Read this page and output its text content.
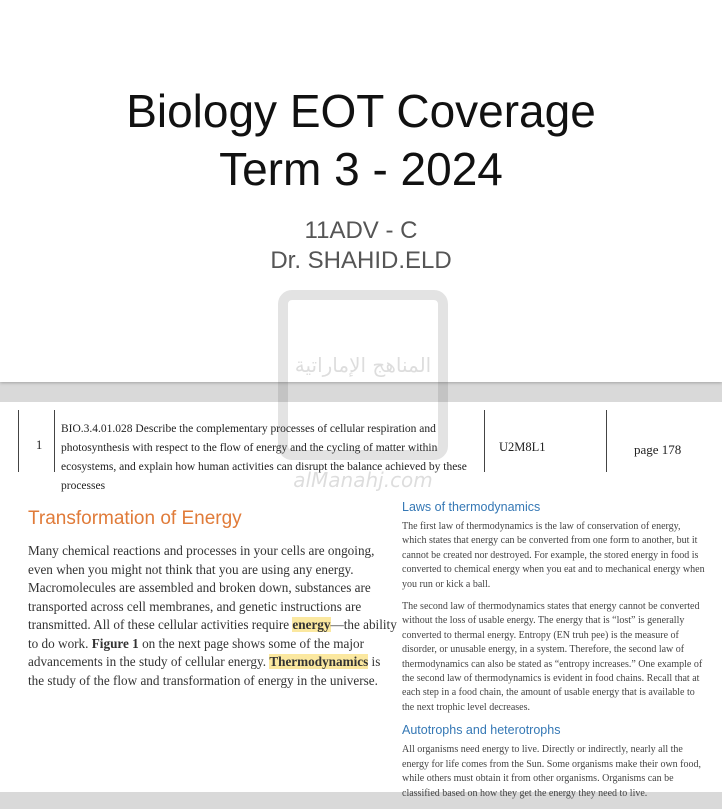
Biology EOT Coverage
Term 3 - 2024
11ADV - C
Dr. SHAHID.ELD
1
BIO.3.4.01.028 Describe the complementary processes of cellular respiration and photosynthesis with respect to the flow of energy and the cycling of matter within ecosystems, and explain how human activities can disrupt the balance achieved by these processes
U2M8L1	page 178
Transformation of Energy

Many chemical reactions and processes in your cells are ongoing, even when you might not think that you are using any energy. Macromolecules are assembled and broken down, substances are transported across cell membranes, and genetic instructions are transmitted. All of these cellular activities require energy—the ability to do work. Figure 1 on the next page shows some of the major advancements in the study of cellular energy. Thermodynamics is the study of the flow and transformation of energy in the universe.

Laws of thermodynamics

The first law of thermodynamics is the law of conservation of energy, which states that energy can be converted from one form to another, but it cannot be created nor destroyed. For example, the stored energy in food is converted to chemical energy when you eat and to mechanical energy when you run or kick a ball.

The second law of thermodynamics states that energy cannot be converted without the loss of usable energy. The energy that is “lost” is generally converted to thermal energy. Entropy (EN truh pee) is the measure of disorder, or unusable energy, in a system. Therefore, the second law of thermodynamics can also be stated as “entropy increases.” One example of the second law of thermodynamics is evident in food chains. Recall that at each step in a food chain, the amount of usable energy that is available to the next trophic level decreases.

Autotrophs and heterotrophs

All organisms need energy to live. Directly or indirectly, nearly all the energy for life comes from the Sun. Some organisms make their own food, while others must obtain it from other organisms. Organisms can be classified based on how they get the energy they need to live.
